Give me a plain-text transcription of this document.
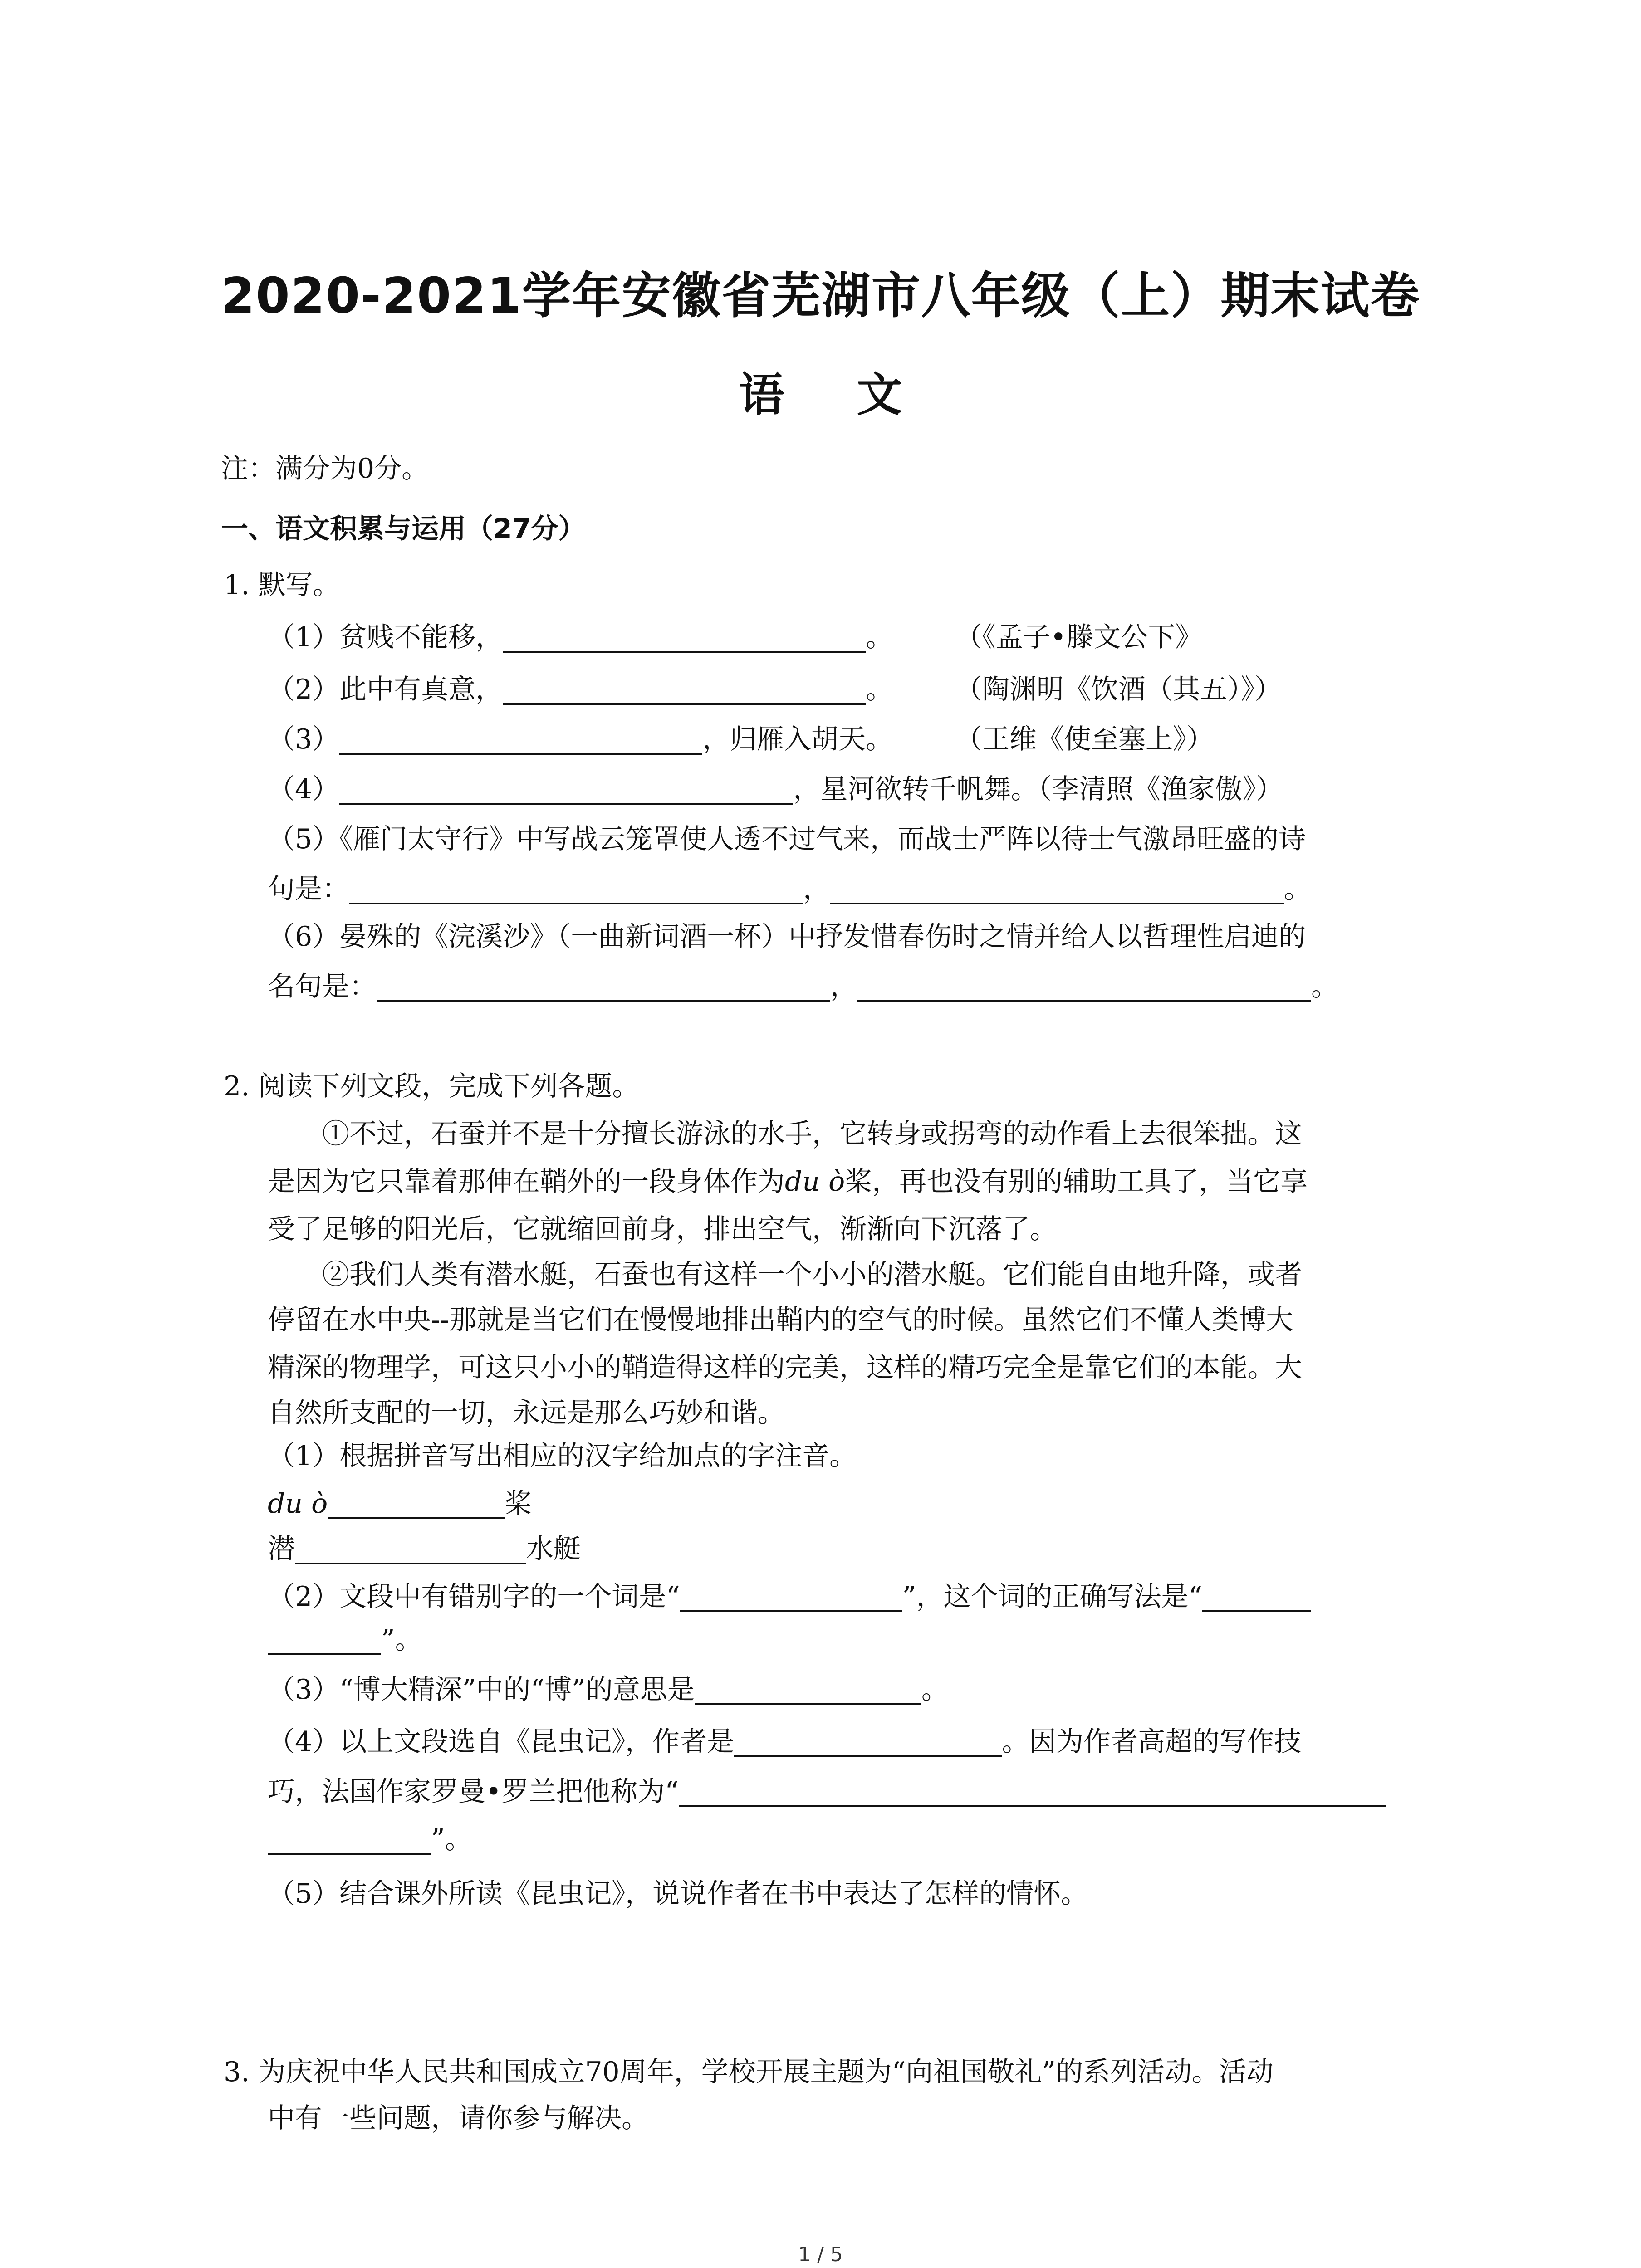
2020-2021学年安徽省芜湖市八年级（上）期末试卷
语 文
注：满分为0分。
一、语文积累与运用（27分）
1. 默写。
（1）贫贱不能移，	。 （《孟子•滕文公下》
（2）此中有真意，	。 （陶渊明《饮酒（其五）》）
（3）	，归雁入胡天。 （王维《使至塞上》）
（4）	，星河欲转千帆舞。（李清照《渔家傲》）
（5）《雁门太守行》中写战云笼罩使人透不过气来，而战士严阵以待士气激昂旺盛的诗
句是：	，	。
（6）晏殊的《浣溪沙》（一曲新词酒一杯）中抒发惜春伤时之情并给人以哲理性启迪的
名句是：	，	。
2. 阅读下列文段，完成下列各题。
①不过，石蚕并不是十分擅长游泳的水手，它转身或拐弯的动作看上去很笨拙。这
是因为它只靠着那伸在鞘外的一段身体作为du ò桨，再也没有别的辅助工具了，当它享
受了足够的阳光后，它就缩回前身，排出空气，渐渐向下沉落了。
②我们人类有潜水艇，石蚕也有这样一个小小的潜水艇。它们能自由地升降，或者
停留在水中央--那就是当它们在慢慢地排出鞘内的空气的时候。虽然它们不懂人类博大
精深的物理学，可这只小小的鞘造得这样的完美，这样的精巧完全是靠它们的本能。大
自然所支配的一切，永远是那么巧妙和谐。
（1）根据拼音写出相应的汉字给加点的字注音。
du ò	桨
潜	水艇
（2）文段中有错别字的一个词是“	”，这个词的正确写法是“
”。
（3）“博大精深”中的“博”的意思是	。
（4）以上文段选自《昆虫记》，作者是	。因为作者高超的写作技
巧，法国作家罗曼•罗兰把他称为“
”。
（5）结合课外所读《昆虫记》，说说作者在书中表达了怎样的情怀。
3. 为庆祝中华人民共和国成立70周年，学校开展主题为“向祖国敬礼”的系列活动。活动
中有一些问题，请你参与解决。
1 / 5
